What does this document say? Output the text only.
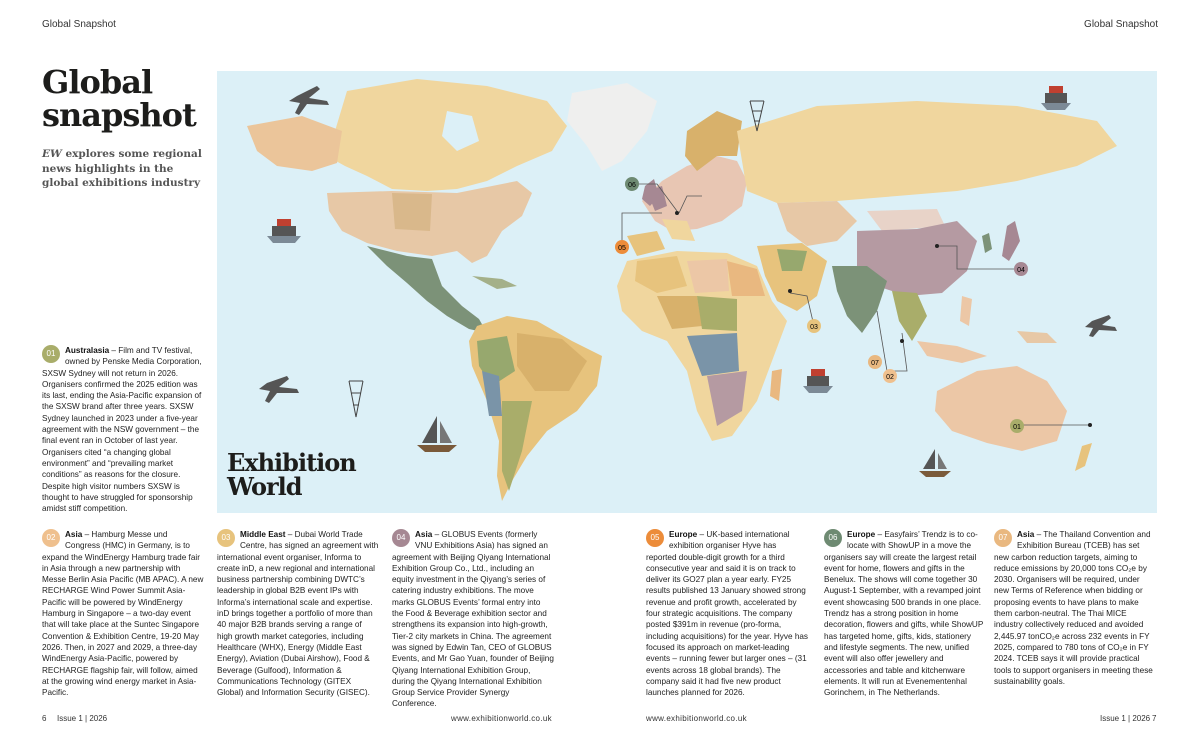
Global Snapshot	Global Snapshot
Global snapshot
EW explores some regional news highlights in the global exhibitions industry
01
02
03
04
05
06
07
Exhibition
World
01	Australasia – Film and TV festival, owned by Penske Media Corporation, SXSW Sydney will not return in 2026. Organisers confirmed the 2025 edition was its last, ending the Asia-Pacific expansion of the SXSW brand after three years. SXSW Sydney launched in 2023 under a five-year agreement with the NSW government – the final event ran in October of last year. Organisers cited “a changing global environment” and “prevailing market conditions” as reasons for the closure. Despite high visitor numbers SXSW is thought to have struggled for sponsorship amidst stiff competition.
02	Asia – Hamburg Messe und Congress (HMC) in Germany, is to expand the WindEnergy Hamburg trade fair in Asia through a new partnership with Messe Berlin Asia Pacific (MB APAC). A new RECHARGE Wind Power Summit Asia-Pacific will be powered by WindEnergy Hamburg in Singapore – a two-day event that will take place at the Suntec Singapore Convention & Exhibition Centre, 19-20 May 2026. Then, in 2027 and 2029, a three-day WindEnergy Asia-Pacific, powered by RECHARGE flagship fair, will follow, aimed at the growing wind energy market in Asia-Pacific.
03	Middle East – Dubai World Trade Centre, has signed an agreement with international event organiser, Informa to create inD, a new regional and international business partnership combining DWTC’s leadership in global B2B event IPs with Informa’s international scale and expertise. inD brings together a portfolio of more than 40 major B2B brands serving a range of high growth market categories, including Healthcare (WHX), Energy (Middle East Energy), Aviation (Dubai Airshow), Food & Beverage (Gulfood), Information & Communications Technology (GITEX Global) and Information Security (GISEC).
04	Asia – GLOBUS Events (formerly VNU Exhibitions Asia) has signed an agreement with Beijing Qiyang International Exhibition Group Co., Ltd., including an equity investment in the Qiyang’s series of catering industry exhibitions. The move marks GLOBUS Events’ formal entry into the Food & Beverage exhibition sector and strengthens its expansion into high-growth, Tier-2 city markets in China. The agreement was signed by Edwin Tan, CEO of GLOBUS Events, and Mr Gao Yuan, founder of Beijing Qiyang International Exhibition Group, during the Qiyang International Exhibition Group Service Provider Synergy Conference.
05	Europe – UK-based international exhibition organiser Hyve has reported double-digit growth for a third consecutive year and said it is on track to deliver its GO27 plan a year early. FY25 results published 13 January showed strong revenue and profit growth, accelerated by four strategic acquisitions. The company posted $391m in revenue (pro-forma, including acquisitions) for the year. Hyve has focused its approach on market-leading events – running fewer but larger ones – (31 events across 18 global brands). The company said it had five new product launches planned for 2026.
06	Europe – Easyfairs’ Trendz is to co-locate with ShowUP in a move the organisers say will create the largest retail event for home, flowers and gifts in the Benelux. The shows will come together 30 August-1 September, with a revamped joint event showcasing 500 brands in one place. Trendz has a strong position in home decoration, flowers and gifts, while ShowUP has targeted home, gifts, kids, stationery and lifestyle segments. The new, unified event will also offer jewellery and accessories and table and kitchenware elements. It will run at Evenementenhal Gorinchem, in The Netherlands.
07	Asia – The Thailand Convention and Exhibition Bureau (TCEB) has set new carbon reduction targets, aiming to reduce emissions by 20,000 tons CO₂e by 2030. Organisers will be required, under new Terms of Reference when bidding or proposing events to have plans to make them carbon-neutral. The Thai MICE industry collectively reduced and avoided 2,445.97 tonCO₂e across 232 events in FY 2025, compared to 780 tons of CO₂e in FY 2024. TCEB says it will provide practical tools to support organisers in meeting these sustainability goals.
6 Issue 1 | 2026	www.exhibitionworld.co.uk	www.exhibitionworld.co.uk	Issue 1 | 2026 7
